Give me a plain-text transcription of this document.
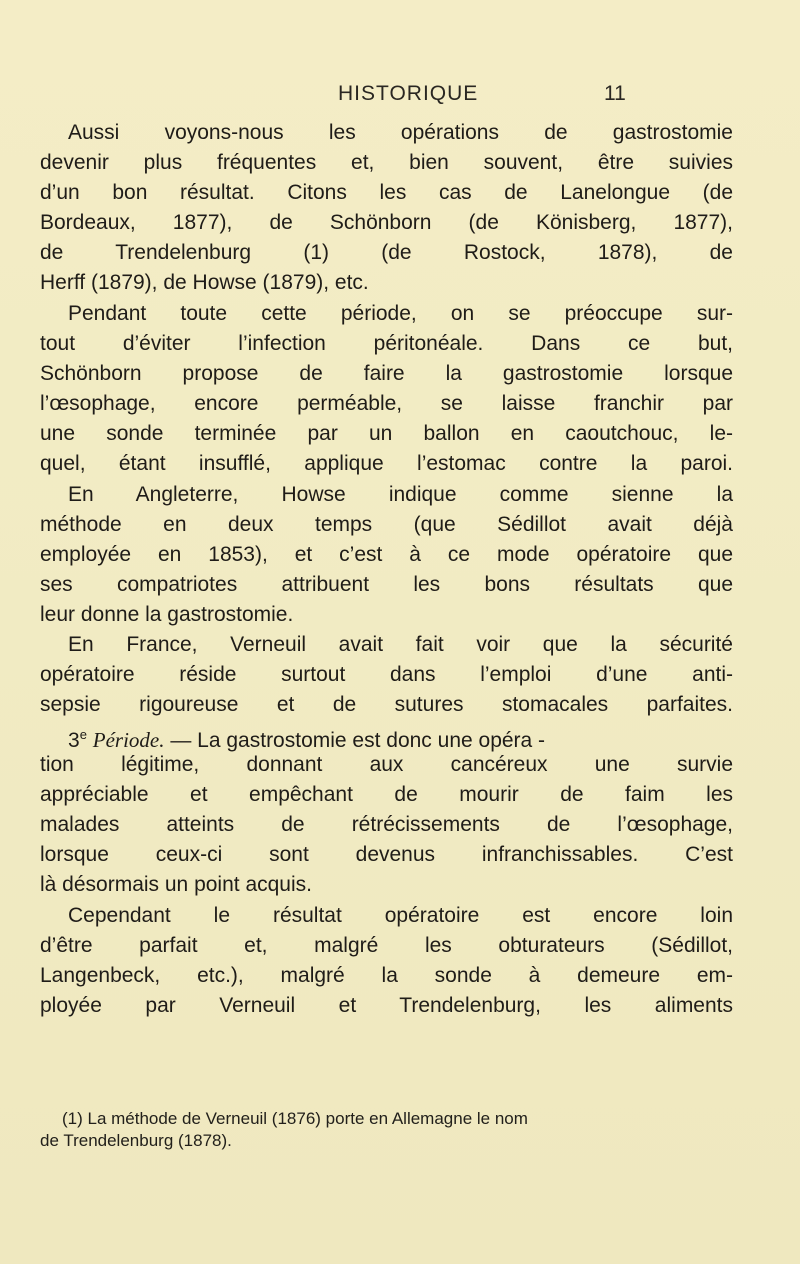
HISTORIQUE	11
Aussi voyons-nous les opérations de gastrostomie
devenir plus fréquentes et, bien souvent, être suivies
d’un bon résultat. Citons les cas de Lanelongue (de
Bordeaux, 1877), de Schönborn (de Könisberg, 1877),
de Trendelenburg (1) (de Rostock, 1878), de
Herff (1879), de Howse (1879), etc.
Pendant toute cette période, on se préoccupe sur-
tout d’éviter l’infection péritonéale. Dans ce but,
Schönborn propose de faire la gastrostomie lorsque
l’œsophage, encore perméable, se laisse franchir par
une sonde terminée par un ballon en caoutchouc, le-
quel, étant insufflé, applique l’estomac contre la paroi.
En Angleterre, Howse indique comme sienne la
méthode en deux temps (que Sédillot avait déjà
employée en 1853), et c’est à ce mode opératoire que
ses compatriotes attribuent les bons résultats que
leur donne la gastrostomie.
En France, Verneuil avait fait voir que la sécurité
opératoire réside surtout dans l’emploi d’une anti-
sepsie rigoureuse et de sutures stomacales parfaites.
3e Période. — La gastrostomie est donc une opéra -
tion légitime, donnant aux cancéreux une survie
appréciable et empêchant de mourir de faim les
malades atteints de rétrécissements de l’œsophage,
lorsque ceux-ci sont devenus infranchissables. C’est
là désormais un point acquis.
Cependant le résultat opératoire est encore loin
d’être parfait et, malgré les obturateurs (Sédillot,
Langenbeck, etc.), malgré la sonde à demeure em-
ployée par Verneuil et Trendelenburg, les aliments
(1) La méthode de Verneuil (1876) porte en Allemagne le nom
de Trendelenburg (1878).
